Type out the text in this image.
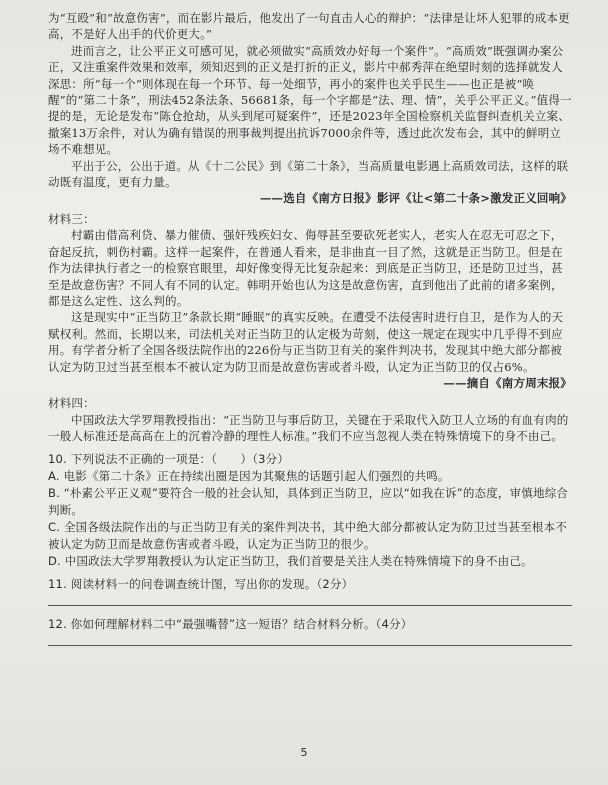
为“互殴”和“故意伤害”，而在影片最后，他发出了一句直击人心的辩护：“法律是让坏人犯罪的成本更高，不是好人出手的代价更大。”

进而言之，让公平正义可感可见，就必须做实“高质效办好每一个案件”。“高质效”既强调办案公正，又注重案件效果和效率，须知迟到的正义是打折的正义，影片中郝秀萍在绝望时刻的选择就发人深思：所“每一个”则体现在每一个环节、每一处细节，再小的案件也关乎民生——也正是被“唤醒”的“第二十条”，刑法452条法条、56681条，每一个字都是“法、理、情”，关乎公平正义。”值得一提的是，无论是发布“陈仓抢劫，从头到尾可疑案件”，还是2023年全国检察机关监督纠查机关立案、撤案13万余件，对认为确有错误的刑事裁判提出抗诉7000余件等，透过此次发布会，其中的鲜明立场不难想见。

平出于公，公出于道。从《十二公民》到《第二十条》，当高质量电影遇上高质效司法，这样的联动既有温度，更有力量。

——选自《南方日报》影评《让<第二十条>激发正义回响》

材料三：

村霸由借高利贷、暴力催债、强奸残疾妇女、侮辱甚至要砍死老实人，老实人在忍无可忍之下，奋起反抗，刺伤村霸。这样一起案件，在普通人看来，是非曲直一目了然，这就是正当防卫。但是在作为法律执行者之一的检察官眼里，却好像变得无比复杂起来：到底是正当防卫，还是防卫过当，甚至是故意伤害？不同人有不同的认定。韩明开始也认为这是故意伤害，直到他出了此前的诸多案例，都是这么定性、这么判的。

这是现实中“正当防卫”条款长期“睡眠”的真实反映。在遭受不法侵害时进行自卫，是作为人的天赋权利。然而，长期以来，司法机关对正当防卫的认定极为苛刻，使这一规定在现实中几乎得不到应用。有学者分析了全国各级法院作出的226份与正当防卫有关的案件判决书，发现其中绝大部分都被认定为防卫过当甚至根本不被认定为防卫而是故意伤害或者斗殴，认定为正当防卫的仅占6%。

——摘自《南方周末报》

材料四：

中国政法大学罗翔教授指出：“正当防卫与事后防卫，关键在于采取代入防卫人立场的有血有肉的一般人标准还是高高在上的沉着冷静的理性人标准。”我们不应当忽视人类在特殊情境下的身不由己。

10. 下列说法不正确的一项是：（　　）（3分）

A. 电影《第二十条》正在持续出圈是因为其聚焦的话题引起人们强烈的共鸣。

B. “朴素公平正义观”要符合一般的社会认知，具体到正当防卫，应以“如我在诉”的态度，审慎地综合判断。

C. 全国各级法院作出的与正当防卫有关的案件判决书，其中绝大部分都被认定为防卫过当甚至根本不被认定为防卫而是故意伤害或者斗殴，认定为正当防卫的很少。

D. 中国政法大学罗翔教授认为认定正当防卫，我们首要是关注人类在特殊情境下的身不由己。

11. 阅读材料一的问卷调查统计图，写出你的发现。（2分）

12. 你如何理解材料二中“最强嘴替”这一短语？结合材料分析。（4分）

5
